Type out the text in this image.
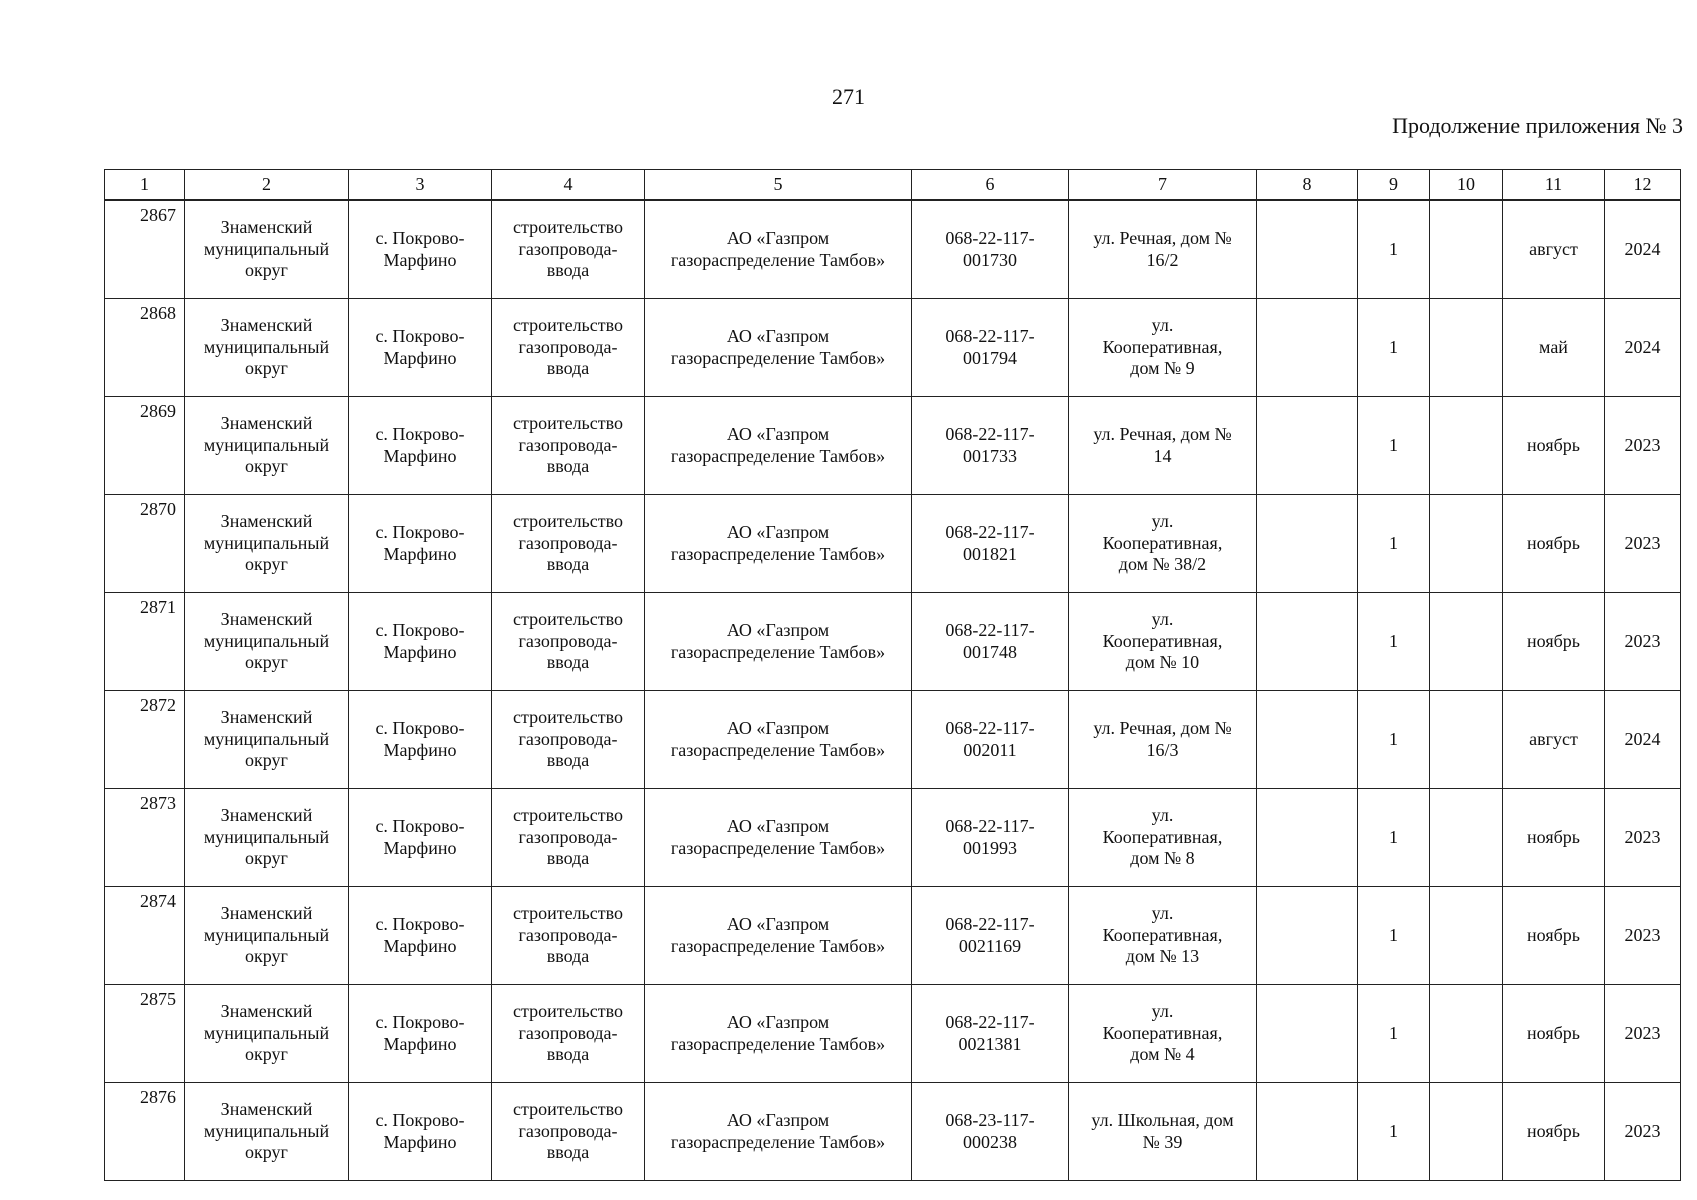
271
Продолжение приложения № 3
1	2	3	4	5	6	7	8	9	10	11	12
2867	Знаменский
муниципальный
округ	с. Покрово-
Марфино	строительство
газопровода-
ввода	АО «Газпром
газораспределение Тамбов»	068-22-117-
001730	ул. Речная, дом №
16/2		1		август	2024
2868	Знаменский
муниципальный
округ	с. Покрово-
Марфино	строительство
газопровода-
ввода	АО «Газпром
газораспределение Тамбов»	068-22-117-
001794	ул.
Кооперативная,
дом № 9		1		май	2024
2869	Знаменский
муниципальный
округ	с. Покрово-
Марфино	строительство
газопровода-
ввода	АО «Газпром
газораспределение Тамбов»	068-22-117-
001733	ул. Речная, дом №
14		1		ноябрь	2023
2870	Знаменский
муниципальный
округ	с. Покрово-
Марфино	строительство
газопровода-
ввода	АО «Газпром
газораспределение Тамбов»	068-22-117-
001821	ул.
Кооперативная,
дом № 38/2		1		ноябрь	2023
2871	Знаменский
муниципальный
округ	с. Покрово-
Марфино	строительство
газопровода-
ввода	АО «Газпром
газораспределение Тамбов»	068-22-117-
001748	ул.
Кооперативная,
дом № 10		1		ноябрь	2023
2872	Знаменский
муниципальный
округ	с. Покрово-
Марфино	строительство
газопровода-
ввода	АО «Газпром
газораспределение Тамбов»	068-22-117-
002011	ул. Речная, дом №
16/3		1		август	2024
2873	Знаменский
муниципальный
округ	с. Покрово-
Марфино	строительство
газопровода-
ввода	АО «Газпром
газораспределение Тамбов»	068-22-117-
001993	ул.
Кооперативная,
дом № 8		1		ноябрь	2023
2874	Знаменский
муниципальный
округ	с. Покрово-
Марфино	строительство
газопровода-
ввода	АО «Газпром
газораспределение Тамбов»	068-22-117-
0021169	ул.
Кооперативная,
дом № 13		1		ноябрь	2023
2875	Знаменский
муниципальный
округ	с. Покрово-
Марфино	строительство
газопровода-
ввода	АО «Газпром
газораспределение Тамбов»	068-22-117-
0021381	ул.
Кооперативная,
дом № 4		1		ноябрь	2023
2876	Знаменский
муниципальный
округ	с. Покрово-
Марфино	строительство
газопровода-
ввода	АО «Газпром
газораспределение Тамбов»	068-23-117-
000238	ул. Школьная, дом
№ 39		1		ноябрь	2023
